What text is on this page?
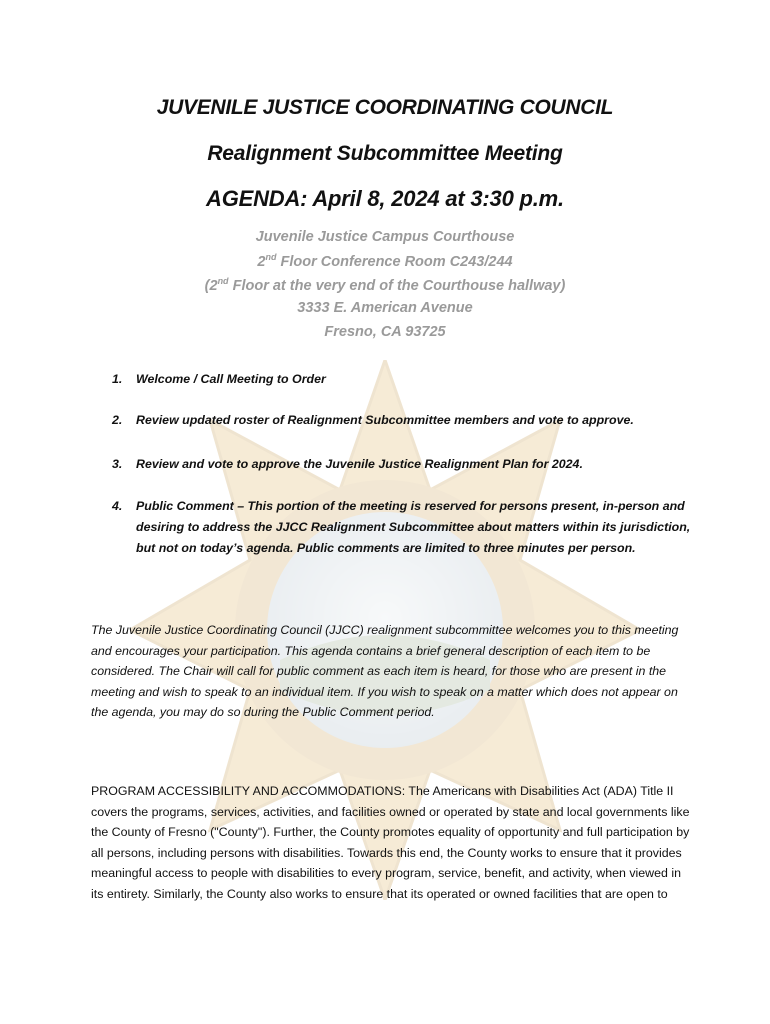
JUVENILE JUSTICE COORDINATING COUNCIL
Realignment Subcommittee Meeting
AGENDA: April 8, 2024 at 3:30 p.m.
Juvenile Justice Campus Courthouse
2nd Floor Conference Room C243/244
(2nd Floor at the very end of the Courthouse hallway)
3333 E. American Avenue
Fresno, CA 93725
1.	Welcome / Call Meeting to Order
2.	Review updated roster of Realignment Subcommittee members and vote to approve.
3.	Review and vote to approve the Juvenile Justice Realignment Plan for 2024.
4.	Public Comment – This portion of the meeting is reserved for persons present, in-person and desiring to address the JJCC Realignment Subcommittee about matters within its jurisdiction, but not on today’s agenda. Public comments are limited to three minutes per person.
The Juvenile Justice Coordinating Council (JJCC) realignment subcommittee welcomes you to this meeting and encourages your participation. This agenda contains a brief general description of each item to be considered. The Chair will call for public comment as each item is heard, for those who are present in the meeting and wish to speak to an individual item. If you wish to speak on a matter which does not appear on the agenda, you may do so during the Public Comment period.
PROGRAM ACCESSIBILITY AND ACCOMMODATIONS: The Americans with Disabilities Act (ADA) Title II covers the programs, services, activities, and facilities owned or operated by state and local governments like the County of Fresno ("County"). Further, the County promotes equality of opportunity and full participation by all persons, including persons with disabilities. Towards this end, the County works to ensure that it provides meaningful access to people with disabilities to every program, service, benefit, and activity, when viewed in its entirety. Similarly, the County also works to ensure that its operated or owned facilities that are open to
